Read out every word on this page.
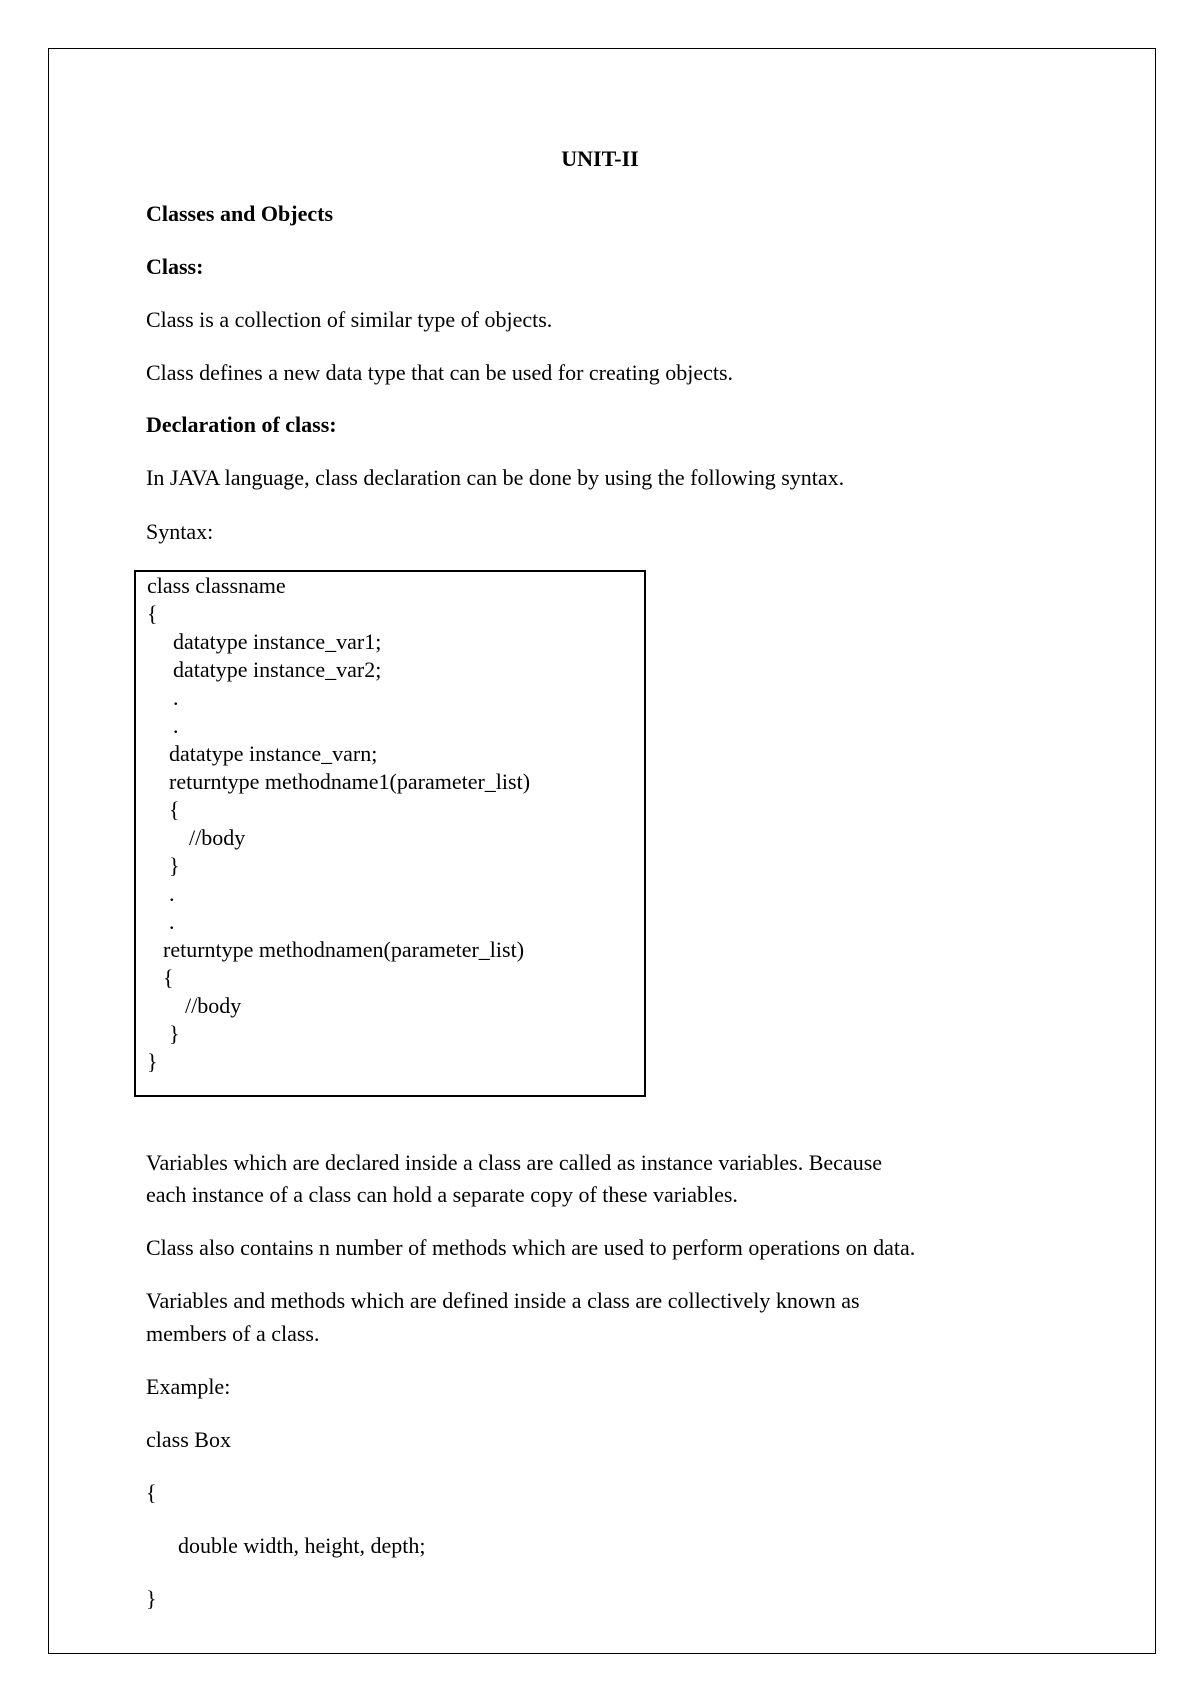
UNIT-II
Classes and Objects
Class:
Class is a collection of similar type of objects.
Class defines a new data type that can be used for creating objects.
Declaration of class:
In JAVA language, class declaration can be done by using the following syntax.
Syntax:
class classname
{
datatype instance_var1;
datatype instance_var2;
.
.
datatype instance_varn;
returntype methodname1(parameter_list)
{
//body
}
.
.
returntype methodnamen(parameter_list)
{
//body
}
}
Variables which are declared inside a class are called as instance variables. Because
each instance of a class can hold a separate copy of these variables.
Class also contains n number of methods which are used to perform operations on data.
Variables and methods which are defined inside a class are collectively known as
members of a class.
Example:
class Box
{
double width, height, depth;
}
